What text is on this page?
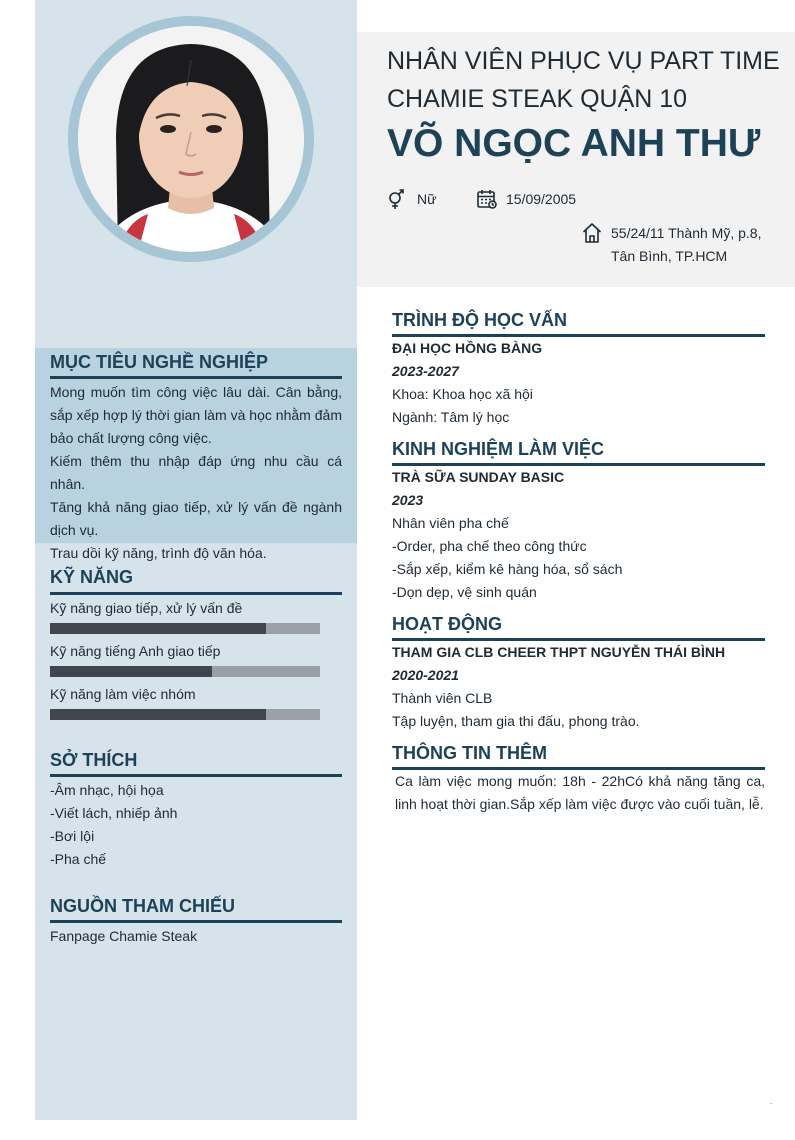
MỤC TIÊU NGHỀ NGHIỆP

Mong muốn tìm công việc lâu dài. Cân bằng, sắp xếp hợp lý thời gian làm và học nhằm đảm bảo chất lượng công việc.

Kiếm thêm thu nhập đáp ứng nhu cầu cá nhân.

Tăng khả năng giao tiếp, xử lý vấn đề ngành dịch vụ.

Trau dồi kỹ năng, trình độ văn hóa.

KỸ NĂNG
Kỹ năng giao tiếp, xử lý vấn đề
Kỹ năng tiếng Anh giao tiếp
Kỹ năng làm việc nhóm
SỞ THÍCH

-Âm nhạc, hội họa

-Viết lách, nhiếp ảnh

-Bơi lội

-Pha chế

NGUỒN THAM CHIẾU

Fanpage Chamie Steak

NHÂN VIÊN PHỤC VỤ PART TIME
CHAMIE STEAK QUẬN 10
VÕ NGỌC ANH THƯ
Nữ	15/09/2005
55/24/11 Thành Mỹ, p.8,
Tân Bình, TP.HCM
TRÌNH ĐỘ HỌC VẤN
ĐẠI HỌC HỒNG BÀNG
2023-2027
Khoa: Khoa học xã hội
Ngành: Tâm lý học
KINH NGHIỆM LÀM VIỆC
TRÀ SỮA SUNDAY BASIC
2023
Nhân viên pha chế
-Order, pha chế theo công thức
-Sắp xếp, kiểm kê hàng hóa, sổ sách
-Dọn dẹp, vệ sinh quán
HOẠT ĐỘNG
THAM GIA CLB CHEER THPT NGUYỄN THÁI BÌNH
2020-2021
Thành viên CLB
Tập luyện, tham gia thi đấu, phong trào.
THÔNG TIN THÊM
Ca làm việc mong muốn: 18h - 22hCó khả năng tăng ca, linh hoạt thời gian.Sắp xếp làm việc được vào cuối tuần, lễ.
.
